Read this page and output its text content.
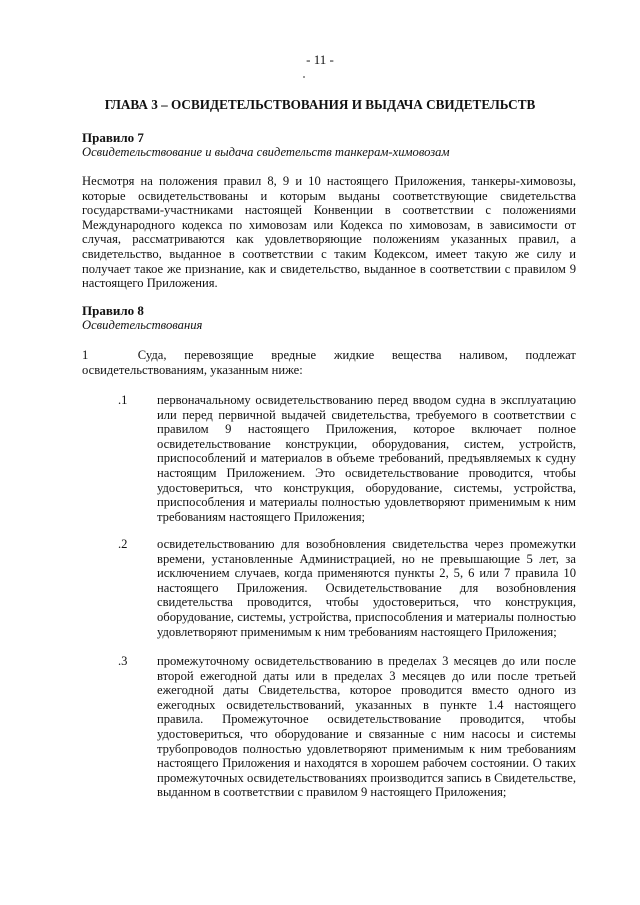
- 11 -
ГЛАВА 3 – ОСВИДЕТЕЛЬСТВОВАНИЯ И ВЫДАЧА СВИДЕТЕЛЬСТВ
Правило 7
Освидетельствование и выдача свидетельств танкерам-химовозам
Несмотря на положения правил 8, 9 и 10 настоящего Приложения, танкеры-химовозы, которые освидетельствованы и которым выданы соответствующие свидетельства государствами-участниками настоящей Конвенции в соответствии с положениями Международного кодекса по химовозам или Кодекса по химовозам, в зависимости от случая, рассматриваются как удовлетворяющие положениям указанных правил, а свидетельство, выданное в соответствии с таким Кодексом, имеет такую же силу и получает такое же признание, как и свидетельство, выданное в соответствии с правилом 9 настоящего Приложения.
Правило 8
Освидетельствования
1	Суда, перевозящие вредные жидкие вещества наливом, подлежат
освидетельствованиям, указанным ниже:
.1 первоначальному освидетельствованию перед вводом судна в эксплуатацию или перед первичной выдачей свидетельства, требуемого в соответствии с правилом 9 настоящего Приложения, которое включает полное освидетельствование конструкции, оборудования, систем, устройств, приспособлений и материалов в объеме требований, предъявляемых к судну настоящим Приложением. Это освидетельствование проводится, чтобы удостовериться, что конструкция, оборудование, системы, устройства, приспособления и материалы полностью удовлетворяют применимым к ним требованиям настоящего Приложения;
.2 освидетельствованию для возобновления свидетельства через промежутки времени, установленные Администрацией, но не превышающие 5 лет, за исключением случаев, когда применяются пункты 2, 5, 6 или 7 правила 10 настоящего Приложения. Освидетельствование для возобновления свидетельства проводится, чтобы удостовериться, что конструкция, оборудование, системы, устройства, приспособления и материалы полностью удовлетворяют применимым к ним требованиям настоящего Приложения;
.3 промежуточному освидетельствованию в пределах 3 месяцев до или после второй ежегодной даты или в пределах 3 месяцев до или после третьей ежегодной даты Свидетельства, которое проводится вместо одного из ежегодных освидетельствований, указанных в пункте 1.4 настоящего правила. Промежуточное освидетельствование проводится, чтобы удостовериться, что оборудование и связанные с ним насосы и системы трубопроводов полностью удовлетворяют применимым к ним требованиям настоящего Приложения и находятся в хорошем рабочем состоянии. О таких промежуточных освидетельствованиях производится запись в Свидетельстве, выданном в соответствии с правилом 9 настоящего Приложения;
